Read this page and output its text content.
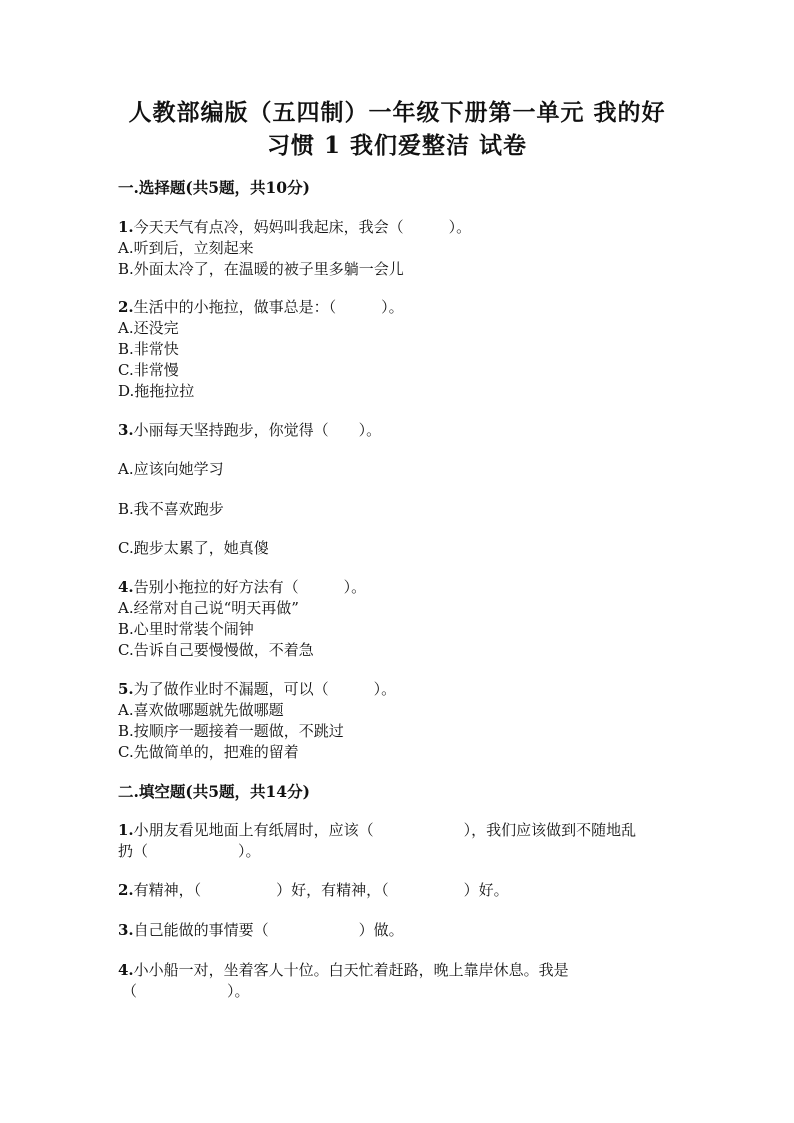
人教部编版（五四制）一年级下册第一单元 我的好
习惯 1 我们爱整洁 试卷
一.选择题(共5题，共10分)
1.今天天气有点冷，妈妈叫我起床，我会（　　　）。
A.听到后，立刻起来
B.外面太冷了，在温暖的被子里多躺一会儿
2.生活中的小拖拉，做事总是：（　　　）。
A.还没完
B.非常快
C.非常慢
D.拖拖拉拉
3.小丽每天坚持跑步，你觉得（　　）。
A.应该向她学习
B.我不喜欢跑步
C.跑步太累了，她真傻
4.告别小拖拉的好方法有（　　　）。
A.经常对自己说“明天再做”
B.心里时常装个闹钟
C.告诉自己要慢慢做，不着急
5.为了做作业时不漏题，可以（　　　）。
A.喜欢做哪题就先做哪题
B.按顺序一题接着一题做，不跳过
C.先做简单的，把难的留着
二.填空题(共5题，共14分)
1.小朋友看见地面上有纸屑时，应该（　　　　　　），我们应该做到不随地乱
扔（　　　　　　）。
2.有精神，（　　　　　）好，有精神，（　　　　　）好。
3.自己能做的事情要（　　　　　　）做。
4.小小船一对，坐着客人十位。白天忙着赶路，晚上靠岸休息。我是
（　　　　　　）。
